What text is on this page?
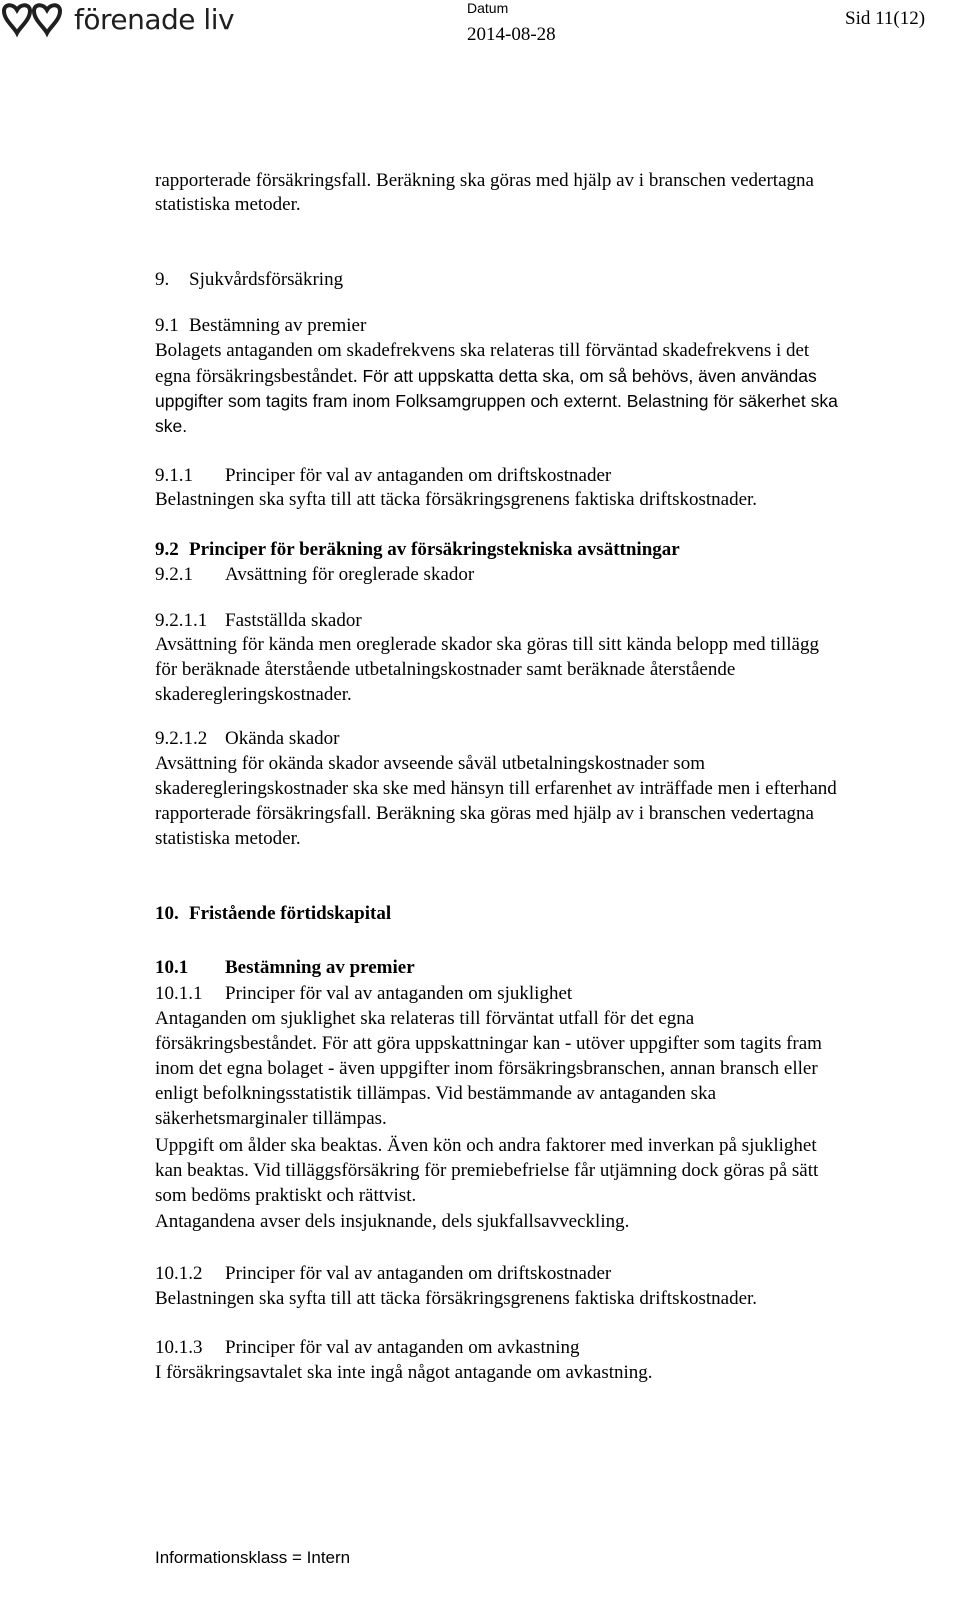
förenade liv	Datum
2014-08-28
Sid 11(12)
rapporterade försäkringsfall. Beräkning ska göras med hjälp av i branschen vedertagna
statistiska metoder.
9. Sjukvårdsförsäkring
9.1 Bestämning av premier
Bolagets antaganden om skadefrekvens ska relateras till förväntad skadefrekvens i det
egna försäkringsbeståndet. För att uppskatta detta ska, om så behövs, även användas
uppgifter som tagits fram inom Folksamgruppen och externt. Belastning för säkerhet ska
ske.
9.1.1 Principer för val av antaganden om driftskostnader
Belastningen ska syfta till att täcka försäkringsgrenens faktiska driftskostnader.
9.2 Principer för beräkning av försäkringstekniska avsättningar
9.2.1 Avsättning för oreglerade skador
9.2.1.1 Fastställda skador
Avsättning för kända men oreglerade skador ska göras till sitt kända belopp med tillägg
för beräknade återstående utbetalningskostnader samt beräknade återstående
skaderegleringskostnader.
9.2.1.2 Okända skador
Avsättning för okända skador avseende såväl utbetalningskostnader som
skaderegleringskostnader ska ske med hänsyn till erfarenhet av inträffade men i efterhand
rapporterade försäkringsfall. Beräkning ska göras med hjälp av i branschen vedertagna
statistiska metoder.
10. Fristående förtidskapital
10.1 Bestämning av premier
10.1.1 Principer för val av antaganden om sjuklighet
Antaganden om sjuklighet ska relateras till förväntat utfall för det egna
försäkringsbeståndet. För att göra uppskattningar kan - utöver uppgifter som tagits fram
inom det egna bolaget - även uppgifter inom försäkringsbranschen, annan bransch eller
enligt befolkningsstatistik tillämpas. Vid bestämmande av antaganden ska
säkerhetsmarginaler tillämpas.
Uppgift om ålder ska beaktas. Även kön och andra faktorer med inverkan på sjuklighet
kan beaktas. Vid tilläggsförsäkring för premiebefrielse får utjämning dock göras på sätt
som bedöms praktiskt och rättvist.
Antagandena avser dels insjuknande, dels sjukfallsavveckling.
10.1.2 Principer för val av antaganden om driftskostnader
Belastningen ska syfta till att täcka försäkringsgrenens faktiska driftskostnader.
10.1.3 Principer för val av antaganden om avkastning
I försäkringsavtalet ska inte ingå något antagande om avkastning.
Informationsklass = Intern
